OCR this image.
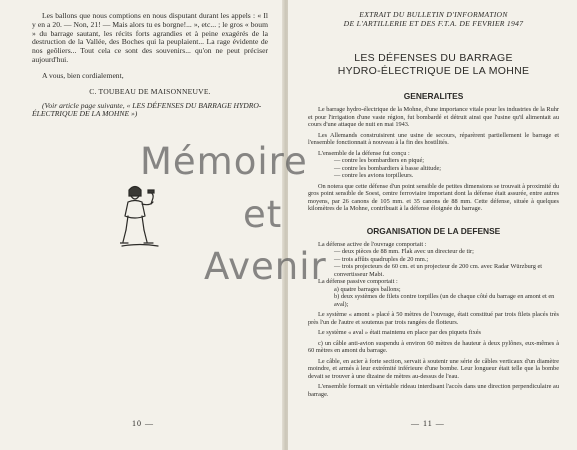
Les ballons que nous comptions en nous disputant durant les appels : « Il y en a 20. — Non, 21! — Mais alors tu es borgne!... », etc... ; le gros « boum » du barrage sautant, les récits forts agrandies et à peine exagérés de la destruction de la Vallée, des Boches qui la peuplaient... La rage évidente de nos geôliers... Tout cela ce sont des souvenirs... qu'on ne peut préciser aujourd'hui.

A vous, bien cordialement,

C. TOUBEAU DE MAISONNEUVE.
(Voir article page suivante, « LES DÉFENSES DU BARRAGE HYDRO-ÉLECTRIQUE DE LA MOHNE »)
10 —
EXTRAIT DU BULLETIN D'INFORMATION
DE L'ARTILLERIE ET DES F.T.A. DE FEVRIER 1947
LES DÉFENSES DU BARRAGE
HYDRO-ÉLECTRIQUE DE LA MOHNE
GENERALITES

Le barrage hydro-électrique de la Mohne, d'une importance vitale pour les industries de la Ruhr et pour l'irrigation d'une vaste région, fut bombardé et détruit ainsi que l'usine qu'il alimentait au cours d'une attaque de nuit en mai 1943.

Les Allemands construisirent une usine de secours, réparèrent partiellement le barrage et l'ensemble fonctionnait à nouveau à la fin des hostilités.

L'ensemble de la défense fut conçu :

— contre les bombardiers en piqué;
— contre les bombardiers à basse altitude;
— contre les avions torpilleurs.

On notera que cette défense d'un point sensible de petites dimensions se trouvait à proximité du gros point sensible de Soest, centre ferroviaire important dont la défense était assurée, entre autres moyens, par 26 canons de 105 mm. et 35 canons de 88 mm. Cette défense, située à quelques kilomètres de la Mohne, contribuait à la défense éloignée du barrage.

ORGANISATION DE LA DEFENSE

La défense active de l'ouvrage comportait :

— deux pièces de 88 mm. Flak avec un directeur de tir;
— trois affûts quadruples de 20 mm.;
— trois projecteurs de 60 cm. et un projecteur de 200 cm. avec Radar Würzburg et convertisseur Mabi.

La défense passive comportait :

a) quatre barrages ballons;
b) deux systèmes de filets contre torpilles (un de chaque côté du barrage en amont et en aval);

Le système « amont » placé à 50 mètres de l'ouvrage, était constitué par trois filets placés très près l'un de l'autre et soutenus par trois rangées de flotteurs.

Le système « aval » était maintenu en place par des piquets fixés

c) un câble anti-avion suspendu à environ 60 mètres de hauteur à deux pylônes, eux-mêmes à 60 mètres en amont du barrage.

Le câble, en acier à forte section, servait à soutenir une série de câbles verticaux d'un diamètre moindre, et armés à leur extrémité inférieure d'une bombe. Leur longueur était telle que la bombe devait se trouver à une dizaine de mètres au-dessus de l'eau.

L'ensemble formait un véritable rideau interdisant l'accès dans une direction perpendiculaire au barrage.

— 11 —
Mémoire
et
Avenir
